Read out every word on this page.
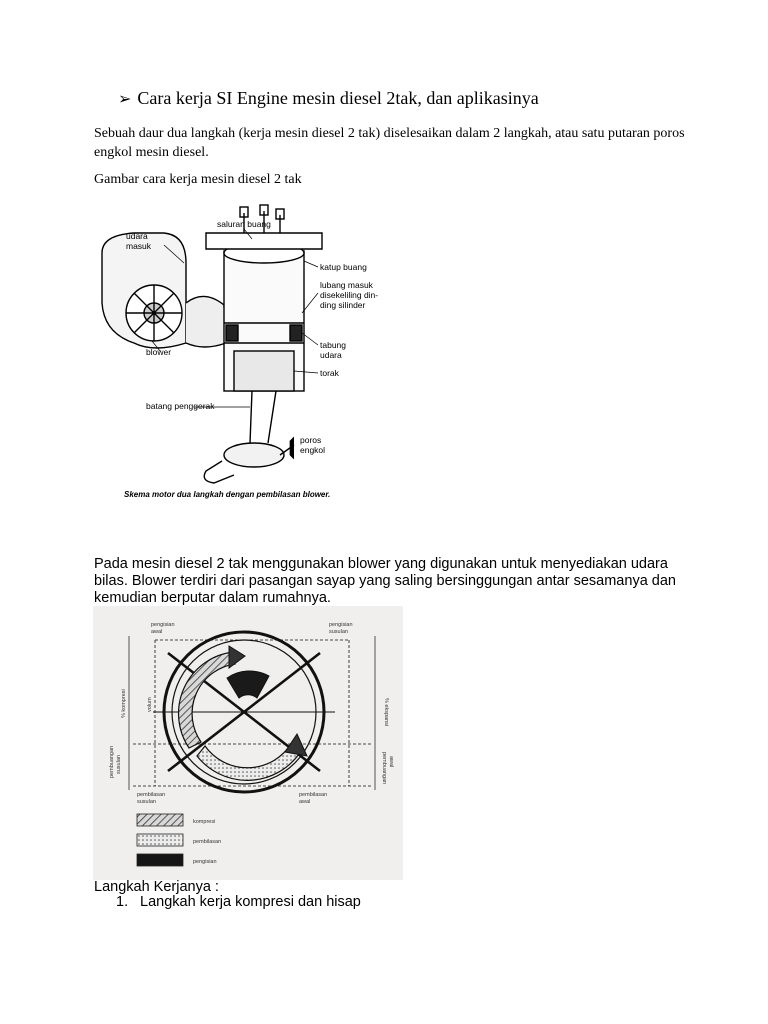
➢ Cara kerja SI Engine mesin diesel 2tak, dan aplikasinya
Sebuah daur dua langkah (kerja mesin diesel 2 tak) diselesaikan dalam 2 langkah, atau satu putaran poros engkol mesin diesel.
Gambar cara kerja mesin diesel 2 tak
saluran buang
udara
masuk
katup buang
lubang masuk
disekeliling din-
ding silinder
tabung
udara
blower
torak
batang penggerak
poros
engkol
Skema motor dua langkah dengan pembilasan blower.
Pada mesin diesel 2 tak menggunakan blower yang digunakan untuk menyediakan udara bilas. Blower terdiri dari pasangan sayap yang saling bersinggungan antar sesamanya dan kemudian berputar dalam rumahnya.
pengisian
awal
pengisian
susulan
% kompresi	volum	% ekspansi
pembuangan susulan	pembuangan awal
pembilasan
susulan
pembilasan
awal
kompresi
pembilasan
pengisian
Langkah Kerjanya :
1. Langkah kerja kompresi dan hisap
